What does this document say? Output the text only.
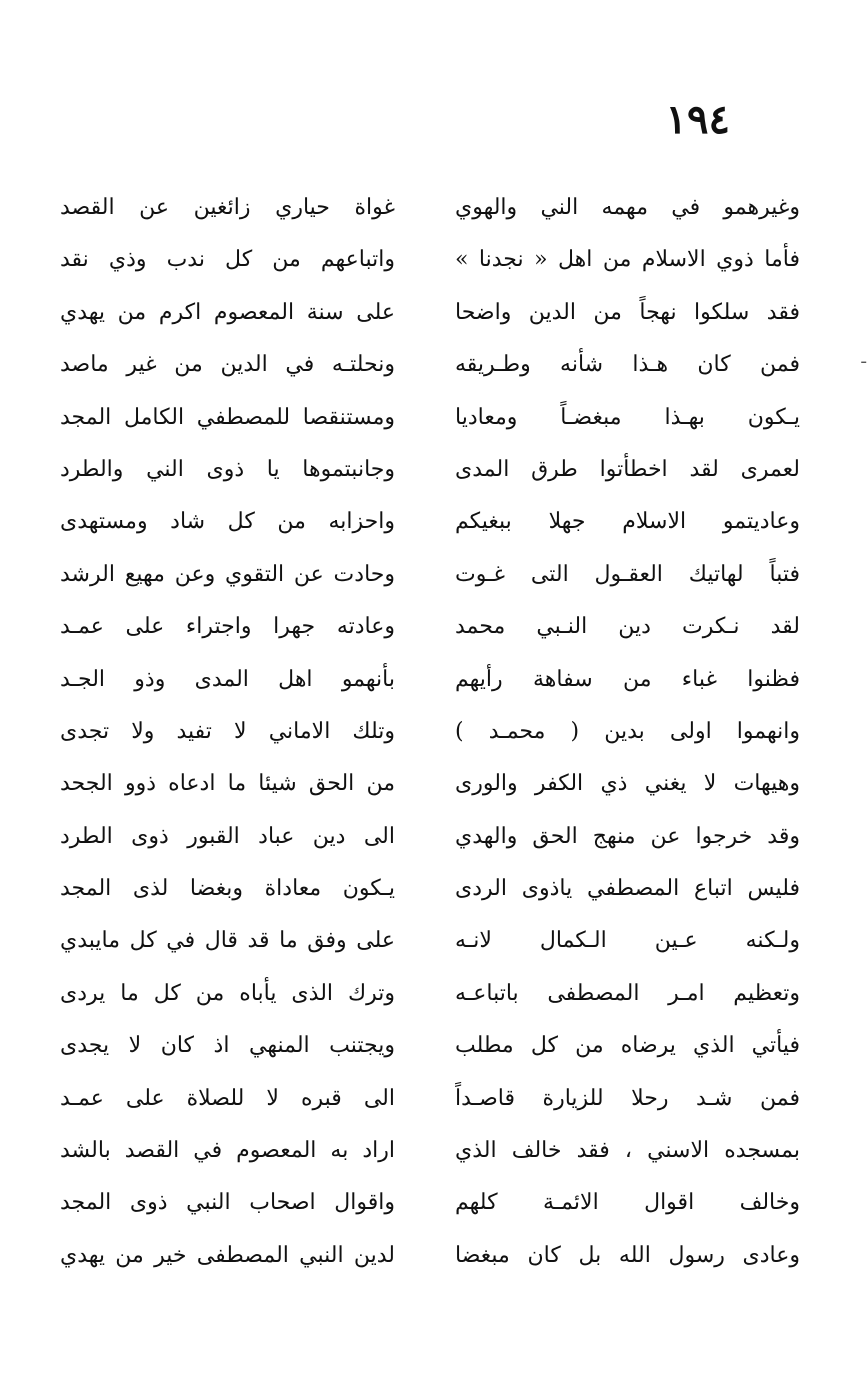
١٩٤
ـ
وغيرهمو في مهمه الني والهوي
غواة حياري زائغين عن القصد
فأما ذوي الاسلام من اهل « نجدنا »
واتباعهم من كل ندب وذي نقد
فقد سلكوا نهجاً من الدين واضحا
على سنة المعصوم اكرم من يهدي
فمن كان هـذا شأنه وطـريقه
ونحلتـه في الدين من غير ماصد
يـكون بهـذا مبغضـاً ومعاديا
ومستنقصا للمصطفي الكامل المجد
لعمرى لقد اخطأتوا طرق المدى
وجانبتموها يا ذوى الني والطرد
وعاديتمو الاسلام جهلا ببغيكم
واحزابه من كل شاد ومستهدى
فتباً لهاتيك العقـول التى غـوت
وحادت عن التقوي وعن مهيع الرشد
لقد نـكرت دين النـبي محمد
وعادته جهرا واجتراء على عمـد
فظنوا غباء من سفاهة رأيهم
بأنهمو اهل المدى وذو الجـد
وانهموا اولى بدين ( محمـد )
وتلك الاماني لا تفيد ولا تجدى
وهيهات لا يغني ذي الكفر والورى
من الحق شيئا ما ادعاه ذوو الجحد
وقد خرجوا عن منهج الحق والهدي
الى دين عباد القبور ذوى الطرد
فليس اتباع المصطفي ياذوى الردى
يـكون معاداة وبغضا لذى المجد
ولـكنه عـين الـكمال لانـه
على وفق ما قد قال في كل مايبدي
وتعظيم امـر المصطفى باتباعـه
وترك الذى يأباه من كل ما يردى
فيأتي الذي يرضاه من كل مطلب
ويجتنب المنهي اذ كان لا يجدى
فمن شـد رحلا للزيارة قاصـداً
الى قبره لا للصلاة على عمـد
بمسجده الاسني ، فقد خالف الذي
اراد به المعصوم في القصد بالشد
وخالف اقوال الائمـة كلهم
واقوال اصحاب النبي ذوى المجد
وعادى رسول الله بل كان مبغضا
لدين النبي المصطفى خير من يهدي
